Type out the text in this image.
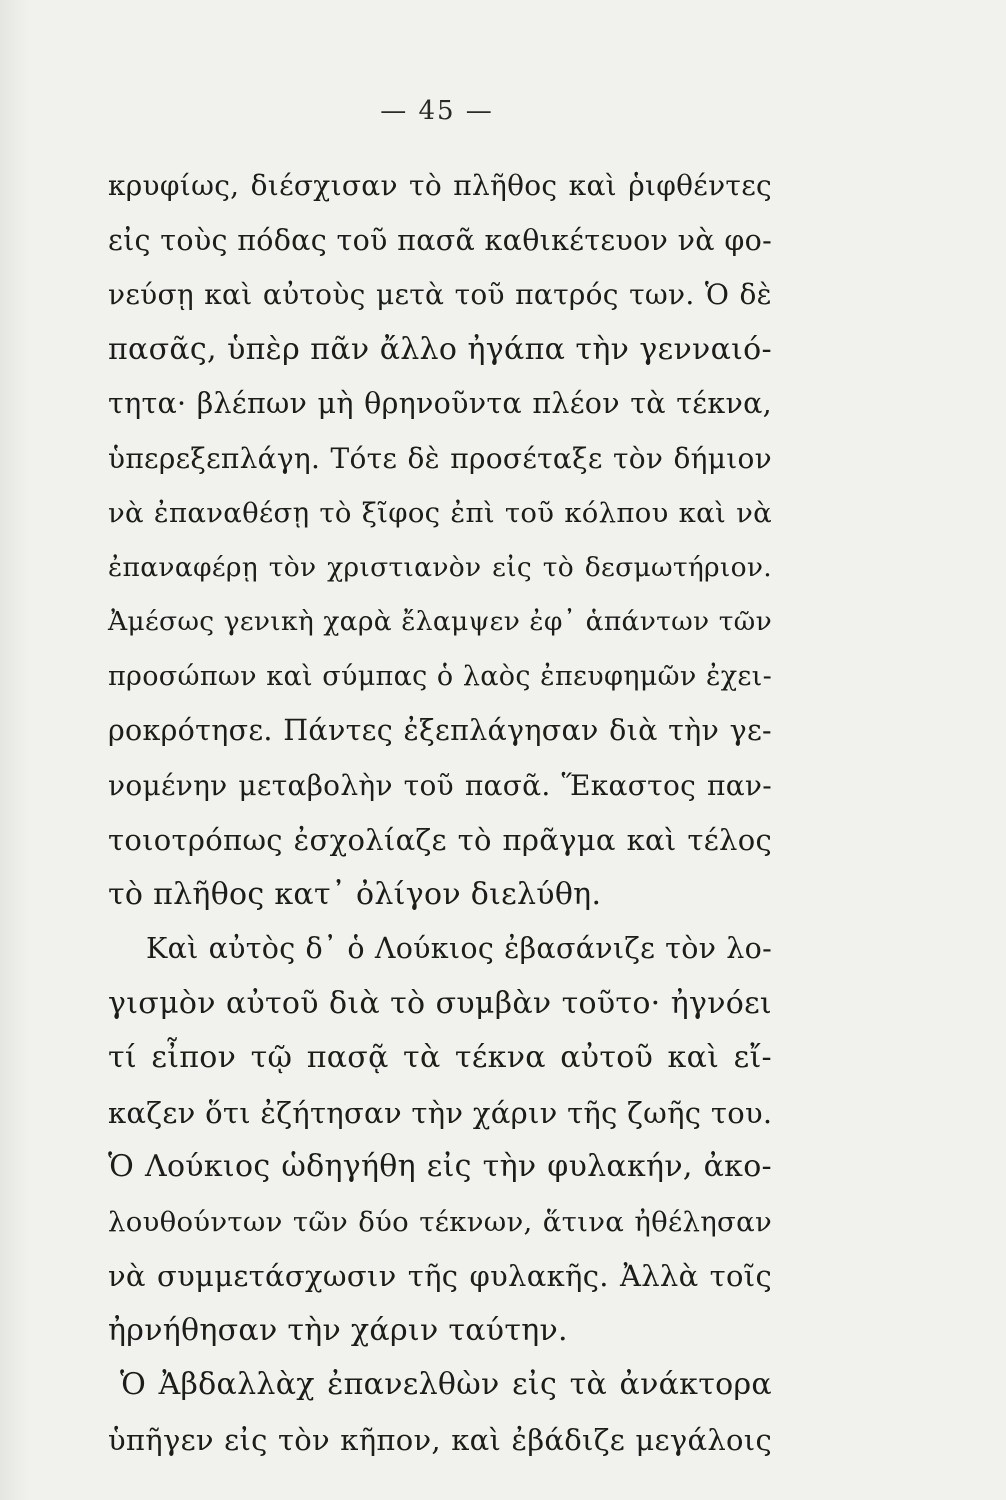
— 45 —
κρυφίως, διέσχισαν τὸ πλῆθος καὶ ῥιφθέντες
εἰς τοὺς πόδας τοῦ πασᾶ καθικέτευον νὰ φο-
νεύσῃ καὶ αὐτοὺς μετὰ τοῦ πατρός των. Ὁ δὲ
πασᾶς, ὑπὲρ πᾶν ἄλλο ἠγάπα τὴν γενναιό-
τητα· βλέπων μὴ θρηνοῦντα πλέον τὰ τέκνα,
ὑπερεξεπλάγη. Τότε δὲ προσέταξε τὸν δήμιον
νὰ ἐπαναθέσῃ τὸ ξῖφος ἐπὶ τοῦ κόλπου καὶ νὰ
ἐπαναφέρῃ τὸν χριστιανὸν εἰς τὸ δεσμωτήριον.
Ἀμέσως γενικὴ χαρὰ ἔλαμψεν ἐφ᾽ ἁπάντων τῶν
προσώπων καὶ σύμπας ὁ λαὸς ἐπευφημῶν ἐχει-
ροκρότησε. Πάντες ἐξεπλάγησαν διὰ τὴν γε-
νομένην μεταβολὴν τοῦ πασᾶ. Ἕκαστος παν-
τοιοτρόπως ἐσχολίαζε τὸ πρᾶγμα καὶ τέλος
τὸ πλῆθος κατ᾽ ὀλίγον διελύθη.
Καὶ αὐτὸς δ᾽ ὁ Λούκιος ἐβασάνιζε τὸν λο-
γισμὸν αὐτοῦ διὰ τὸ συμβὰν τοῦτο· ἠγνόει
τί εἶπον τῷ πασᾷ τὰ τέκνα αὐτοῦ καὶ εἴ-
καζεν ὅτι ἐζήτησαν τὴν χάριν τῆς ζωῆς του.
Ὁ Λούκιος ὡδηγήθη εἰς τὴν φυλακήν, ἀκο-
λουθούντων τῶν δύο τέκνων, ἅτινα ἠθέλησαν
νὰ συμμετάσχωσιν τῆς φυλακῆς. Ἀλλὰ τοῖς
ἠρνήθησαν τὴν χάριν ταύτην.
Ὁ Ἀβδαλλὰχ ἐπανελθὼν εἰς τὰ ἀνάκτορα
ὑπῆγεν εἰς τὸν κῆπον, καὶ ἐβάδιζε μεγάλοις
